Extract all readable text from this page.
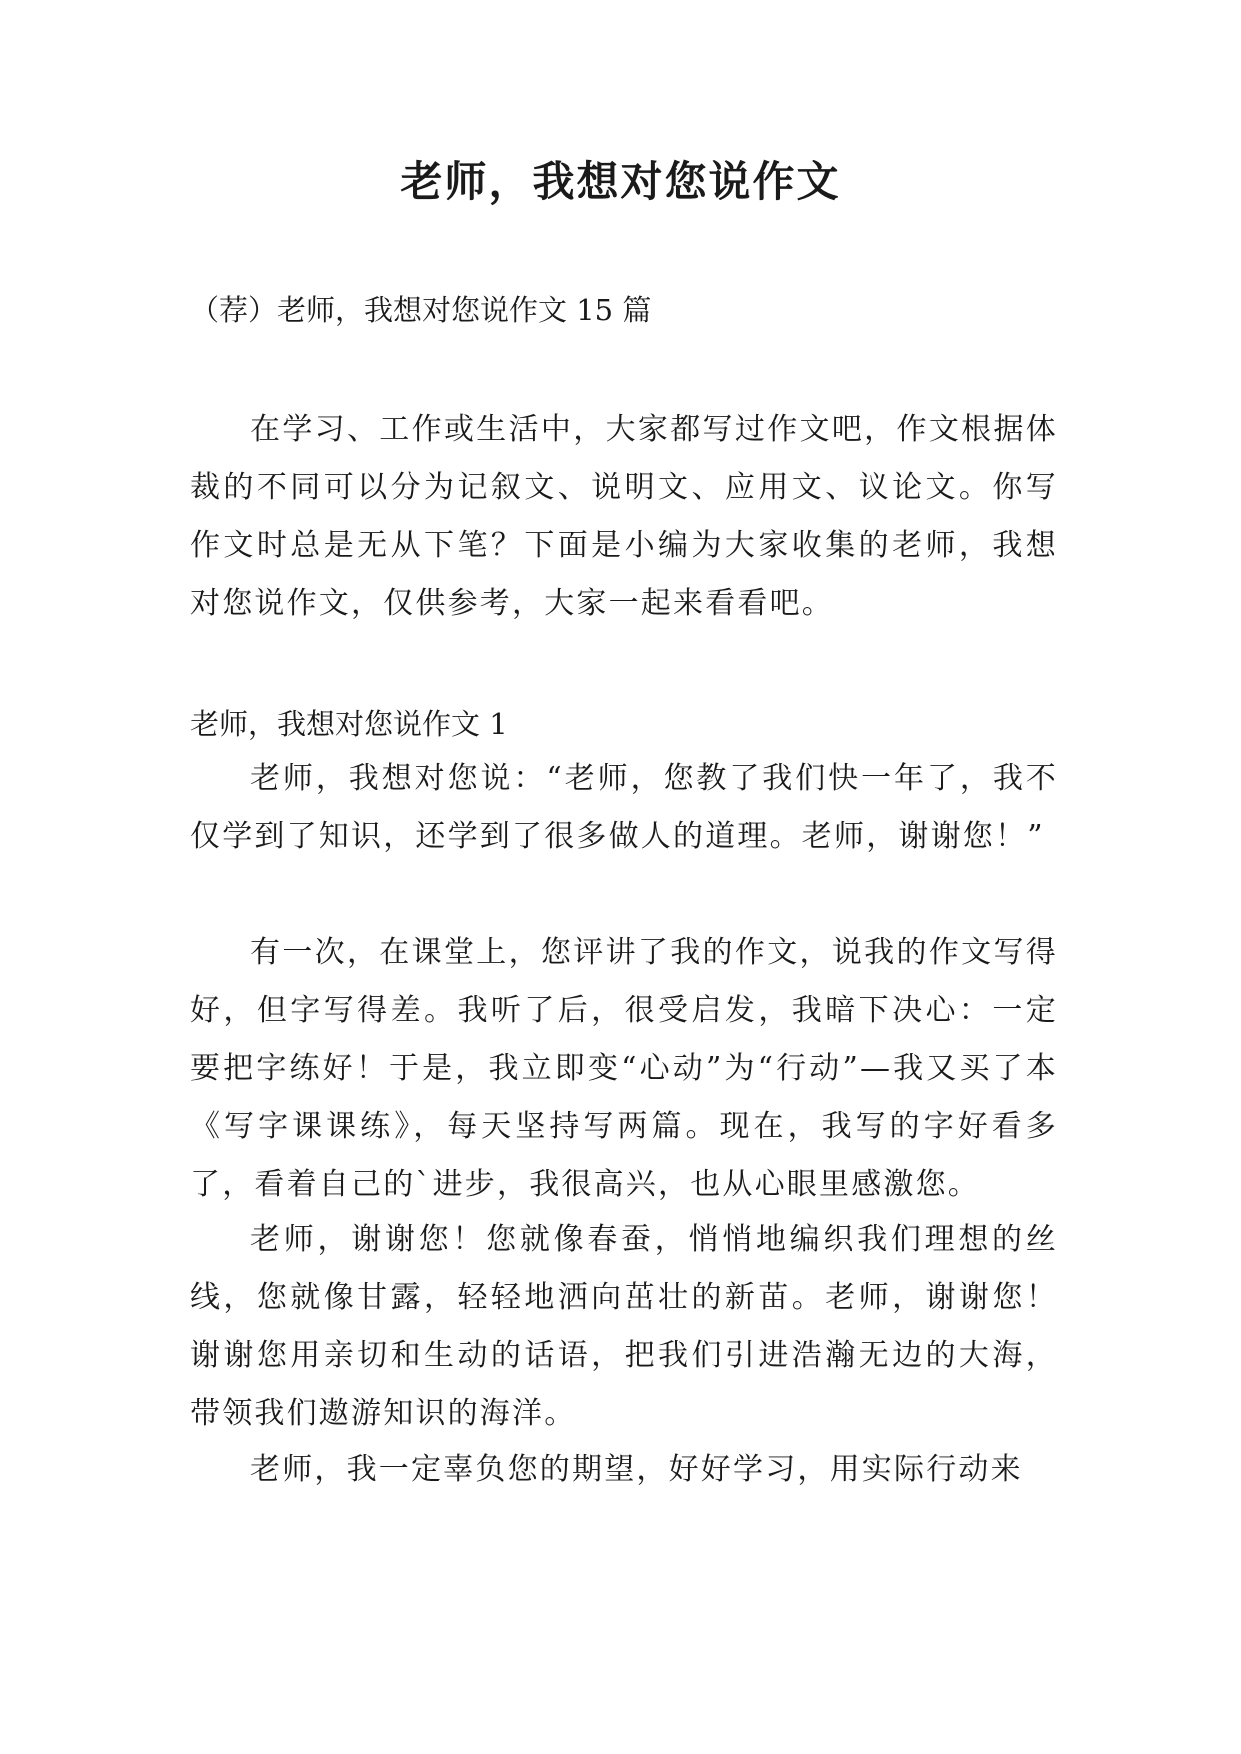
老师，我想对您说作文

（荐）老师，我想对您说作文 15 篇

在学习、工作或生活中，大家都写过作文吧，作文根据体裁的不同可以分为记叙文、说明文、应用文、议论文。你写作文时总是无从下笔？下面是小编为大家收集的老师，我想对您说作文，仅供参考，大家一起来看看吧。

老师，我想对您说作文 1

老师，我想对您说：“老师，您教了我们快一年了，我不仅学到了知识，还学到了很多做人的道理。老师，谢谢您！”

有一次，在课堂上，您评讲了我的作文，说我的作文写得好，但字写得差。我听了后，很受启发，我暗下决心：一定要把字练好！于是，我立即变“心动”为“行动”—我又买了本《写字课课练》，每天坚持写两篇。现在，我写的字好看多了，看着自己的`进步，我很高兴，也从心眼里感激您。

老师，谢谢您！您就像春蚕，悄悄地编织我们理想的丝线，您就像甘露，轻轻地洒向茁壮的新苗。老师，谢谢您！谢谢您用亲切和生动的话语，把我们引进浩瀚无边的大海，带领我们遨游知识的海洋。

老师，我一定辜负您的期望，好好学习，用实际行动来
